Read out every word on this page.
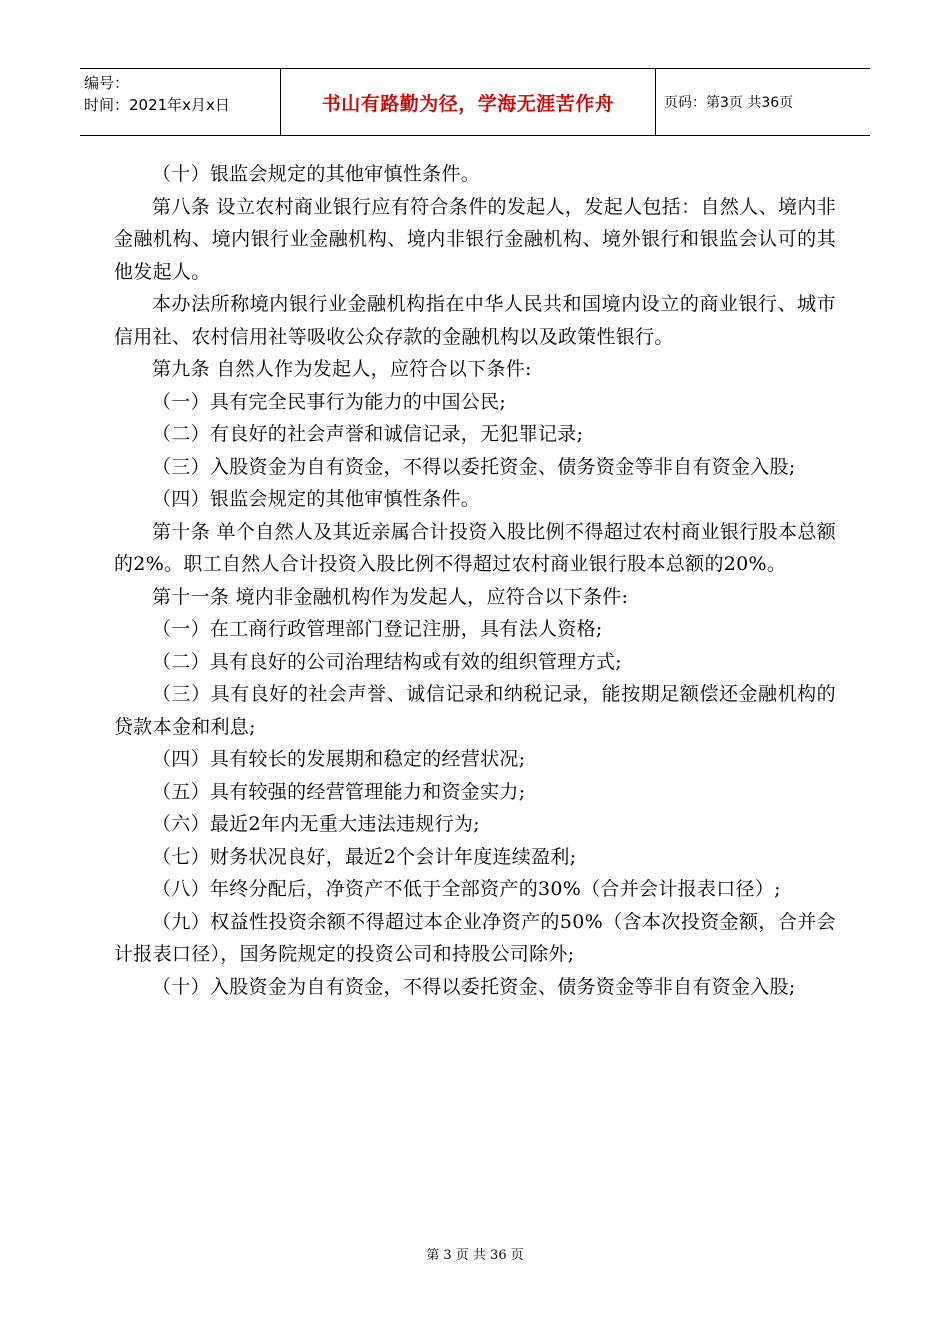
编号：
时间：2021年x月x日	书山有路勤为径，学海无涯苦作舟	页码：第3页 共36页

（十）银监会规定的其他审慎性条件。

第八条 设立农村商业银行应有符合条件的发起人，发起人包括：自然人、境内非金融机构、境内银行业金融机构、境内非银行金融机构、境外银行和银监会认可的其他发起人。

本办法所称境内银行业金融机构指在中华人民共和国境内设立的商业银行、城市信用社、农村信用社等吸收公众存款的金融机构以及政策性银行。

第九条 自然人作为发起人，应符合以下条件:

（一）具有完全民事行为能力的中国公民;

（二）有良好的社会声誉和诚信记录，无犯罪记录;

（三）入股资金为自有资金，不得以委托资金、债务资金等非自有资金入股;

（四）银监会规定的其他审慎性条件。

第十条 单个自然人及其近亲属合计投资入股比例不得超过农村商业银行股本总额的2%。职工自然人合计投资入股比例不得超过农村商业银行股本总额的20%。

第十一条 境内非金融机构作为发起人，应符合以下条件:

（一）在工商行政管理部门登记注册，具有法人资格;

（二）具有良好的公司治理结构或有效的组织管理方式;

（三）具有良好的社会声誉、诚信记录和纳税记录，能按期足额偿还金融机构的贷款本金和利息;

（四）具有较长的发展期和稳定的经营状况;

（五）具有较强的经营管理能力和资金实力;

（六）最近2年内无重大违法违规行为;

（七）财务状况良好，最近2个会计年度连续盈利;

（八）年终分配后，净资产不低于全部资产的30%（合并会计报表口径）;

（九）权益性投资余额不得超过本企业净资产的50%（含本次投资金额，合并会计报表口径），国务院规定的投资公司和持股公司除外;

（十）入股资金为自有资金，不得以委托资金、债务资金等非自有资金入股;

第 3 页 共 36 页
